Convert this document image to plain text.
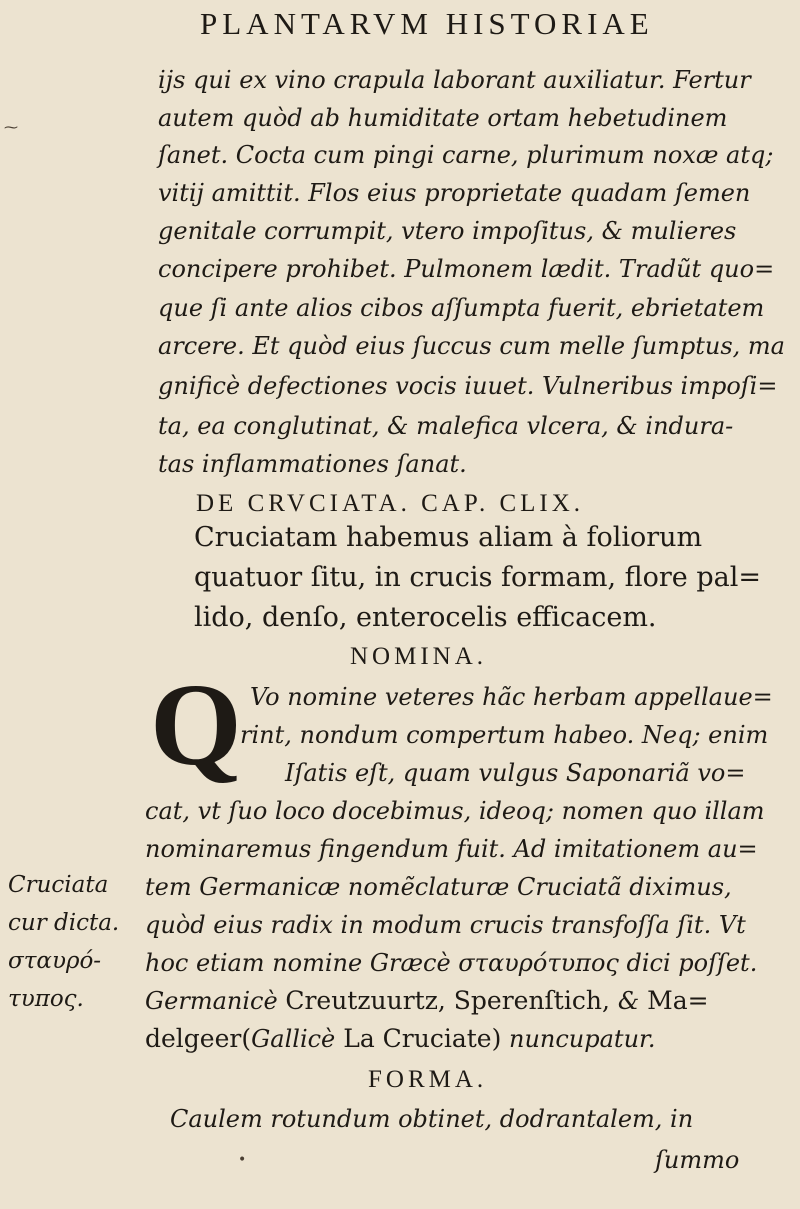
PLANTARVM HISTORIAE
ijs qui ex vino crapula laborant auxiliatur. Fertur
autem quòd ab humiditate ortam hebetudinem
ſanet. Cocta cum pingi carne, plurimum noxæ atq;
vitij amittit. Flos eius proprietate quadam ſemen
genitale corrumpit, vtero impoſitus, & mulieres
concipere prohibet. Pulmonem lædit. Tradũt quo=
que ſi ante alios cibos aſſumpta fuerit, ebrietatem
arcere. Et quòd eius ſuccus cum melle ſumptus, ma
gnificè defectiones vocis iuuet. Vulneribus impoſi=
ta, ea conglutinat, & malefica vlcera, & indura-
tas inflammationes ſanat.
DE CRVCIATA. CAP. CLIX.
Cruciatam habemus aliam à foliorum
quatuor ſitu, in crucis formam, flore pal=
lido, denſo, enterocelis efficacem.
NOMINA.
Q Vo nomine veteres hãc herbam appellaue=
rint, nondum compertum habeo. Neq; enim
Iſatis eſt, quam vulgus Saponariã vo=
cat, vt ſuo loco docebimus, ideoq; nomen quo illam
nominaremus fingendum fuit. Ad imitationem au=
tem Germanicæ nomẽclaturæ Cruciatã diximus,
quòd eius radix in modum crucis transfoſſa ſit. Vt
hoc etiam nomine Græcè σταυρότυπος dici poſſet.
Germanicè Creutzuurtz, Sperenſtich, & Ma=
delgeer(Gallicè La Cruciate) nuncupatur.
Cruciata
cur dicta.
σταυρό-
τυπος.
FORMA.
Caulem rotundum obtinet, dodrantalem, in
ſummo
⁓
•
